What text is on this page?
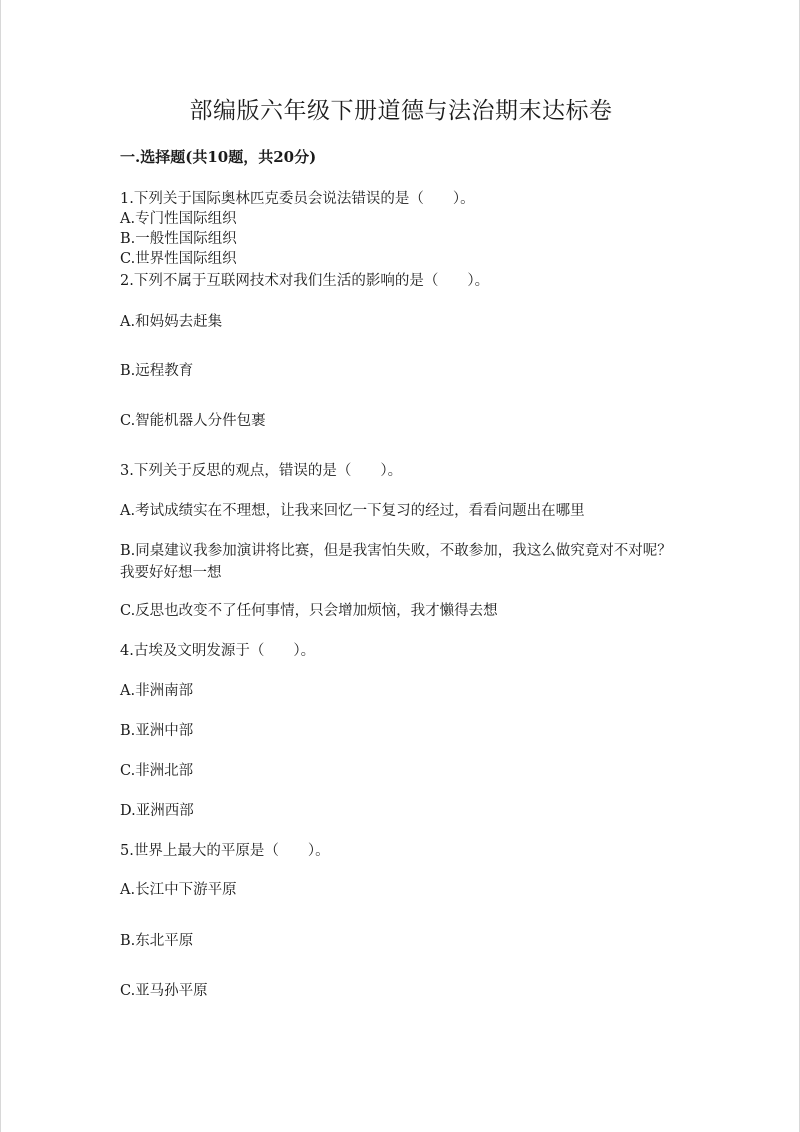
部编版六年级下册道德与法治期末达标卷
一.选择题(共10题，共20分)
1.下列关于国际奥林匹克委员会说法错误的是（　　）。
A.专门性国际组织
B.一般性国际组织
C.世界性国际组织
2.下列不属于互联网技术对我们生活的影响的是（　　）。
A.和妈妈去赶集
B.远程教育
C.智能机器人分件包裹
3.下列关于反思的观点，错误的是（　　）。
A.考试成绩实在不理想，让我来回忆一下复习的经过，看看问题出在哪里
B.同桌建议我参加演讲将比赛，但是我害怕失败，不敢参加，我这么做究竟对不对呢？我要好好想一想
C.反思也改变不了任何事情，只会增加烦恼，我才懒得去想
4.古埃及文明发源于（　　）。
A.非洲南部
B.亚洲中部
C.非洲北部
D.亚洲西部
5.世界上最大的平原是（　　）。
A.长江中下游平原
B.东北平原
C.亚马孙平原
